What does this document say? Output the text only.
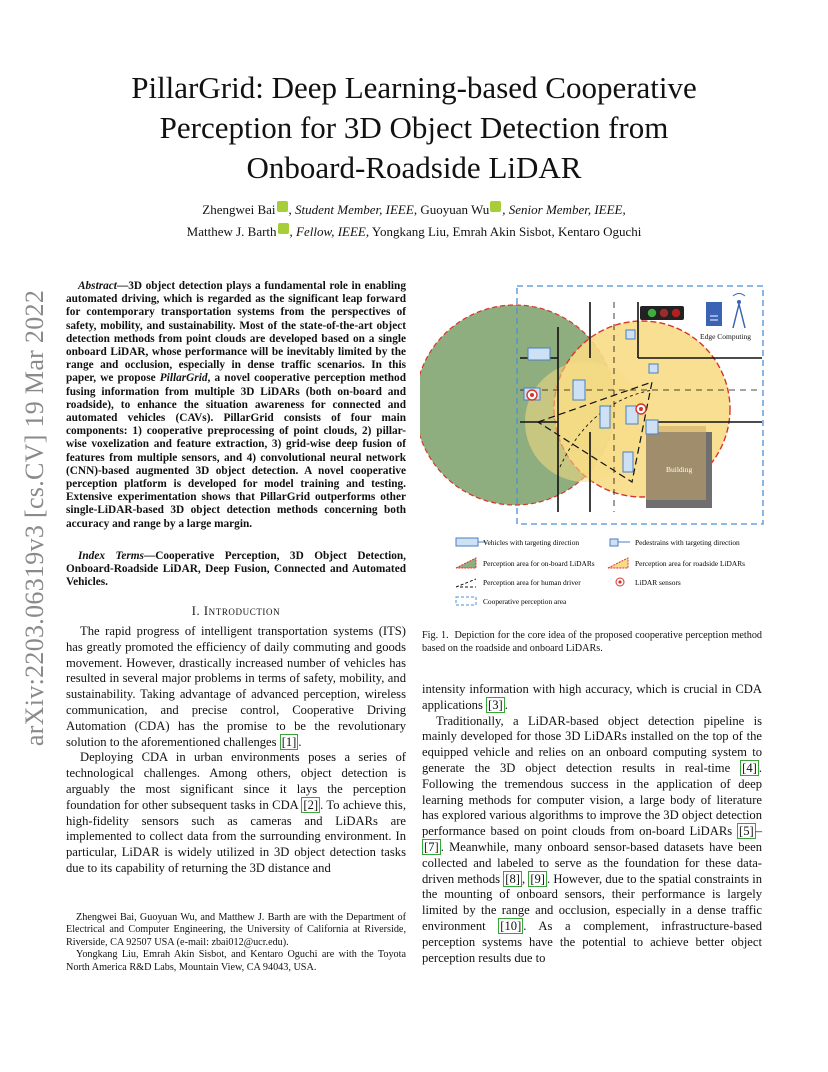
arXiv:2203.06319v3 [cs.CV] 19 Mar 2022
PillarGrid: Deep Learning-based Cooperative
Perception for 3D Object Detection from
Onboard-Roadside LiDAR
Zhengwei Bai , Student Member, IEEE, Guoyuan Wu , Senior Member, IEEE,
Matthew J. Barth , Fellow, IEEE, Yongkang Liu, Emrah Akin Sisbot, Kentaro Oguchi
Abstract—3D object detection plays a fundamental role in enabling automated driving, which is regarded as the significant leap forward for contemporary transportation systems from the perspectives of safety, mobility, and sustainability. Most of the state-of-the-art object detection methods from point clouds are developed based on a single onboard LiDAR, whose performance will be inevitably limited by the range and occlusion, especially in dense traffic scenarios. In this paper, we propose PillarGrid, a novel cooperative perception method fusing information from multiple 3D LiDARs (both on-board and roadside), to enhance the situation awareness for connected and automated vehicles (CAVs). PillarGrid consists of four main components: 1) cooperative preprocessing of point clouds, 2) pillar-wise voxelization and feature extraction, 3) grid-wise deep fusion of features from multiple sensors, and 4) convolutional neural network (CNN)-based augmented 3D object detection. A novel cooperative perception platform is developed for model training and testing. Extensive experimentation shows that PillarGrid outperforms other single-LiDAR-based 3D object detection methods concerning both accuracy and range by a large margin.
Index Terms—Cooperative Perception, 3D Object Detection, Onboard-Roadside LiDAR, Deep Fusion, Connected and Automated Vehicles.
I. Introduction

The rapid progress of intelligent transportation systems (ITS) has greatly promoted the efficiency of daily commuting and goods movement. However, drastically increased number of vehicles has resulted in several major problems in terms of safety, mobility, and sustainability. Taking advantage of advanced perception, wireless communication, and precise control, Cooperative Driving Automation (CDA) has the promise to be the revolutionary solution to the aforementioned challenges [1] .

Deploying CDA in urban environments poses a series of technological challenges. Among others, object detection is arguably the most significant since it lays the perception foundation for other subsequent tasks in CDA [2] . To achieve this, high-fidelity sensors such as cameras and LiDARs are implemented to collect data from the surrounding environment. In particular, LiDAR is widely utilized in 3D object detection tasks due to its capability of returning the 3D distance and

Zhengwei Bai, Guoyuan Wu, and Matthew J. Barth are with the Department of Electrical and Computer Engineering, the University of California at Riverside, Riverside, CA 92507 USA (e-mail: zbai012@ucr.edu).

Yongkang Liu, Emrah Akin Sisbot, and Kentaro Oguchi are with the Toyota North America R&D Labs, Mountain View, CA 94043, USA.

Building
Edge Computing
Vehicles with targeting direction	Pedestrains with targeting direction
Perception area for on-board LiDARs	Perception area for roadside LiDARs
Perception area for human driver	LiDAR sensors
Cooperative perception area
Fig. 1. Depiction for the core idea of the proposed cooperative perception method based on the roadside and onboard LiDARs.

intensity information with high accuracy, which is crucial in CDA applications [3] .

Traditionally, a LiDAR-based object detection pipeline is mainly developed for those 3D LiDARs installed on the top of the equipped vehicle and relies on an onboard computing system to generate the 3D object detection results in real-time [4] . Following the tremendous success in the application of deep learning methods for computer vision, a large body of literature has explored various algorithms to improve the 3D object detection performance based on point clouds from on-board LiDARs [5] –[7] . Meanwhile, many onboard sensor-based datasets have been collected and labeled to serve as the foundation for these data-driven methods [8] , [9] . However, due to the spatial constraints in the mounting of onboard sensors, their performance is largely limited by the range and occlusion, especially in a dense traffic environment [10] . As a complement, infrastructure-based perception systems have the potential to achieve better object perception results due to
